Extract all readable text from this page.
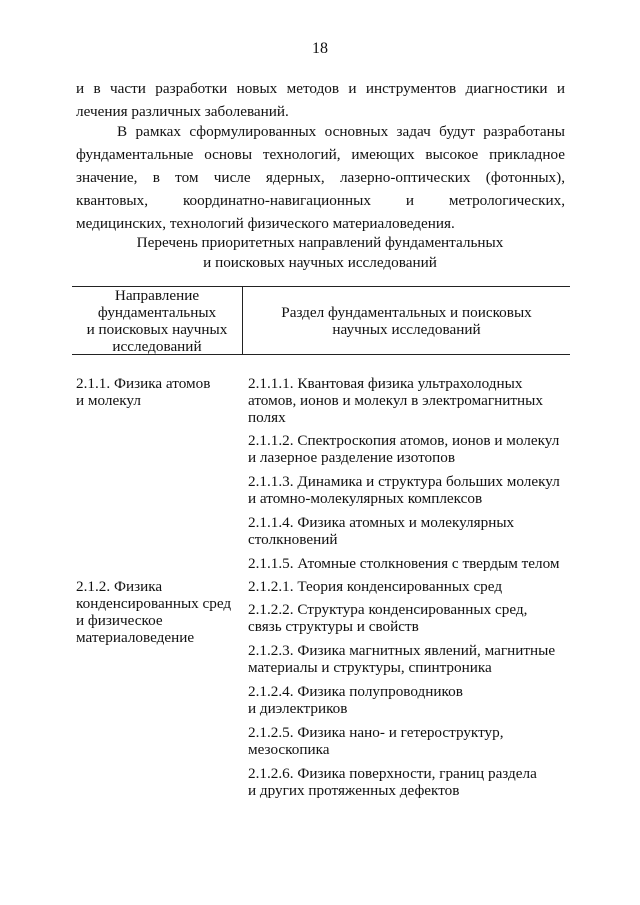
18
и в части разработки новых методов и инструментов диагностики и лечения различных заболеваний.
В рамках сформулированных основных задач будут разработаны фундаментальные основы технологий, имеющих высокое прикладное значение, в том числе ядерных, лазерно-оптических (фотонных), квантовых, координатно-навигационных и метрологических, медицинских, технологий физического материаловедения.
Перечень приоритетных направлений фундаментальных
и поисковых научных исследований
Направление
фундаментальных
и поисковых научных
исследований
Раздел фундаментальных и поисковых
научных исследований
2.1.1. Физика атомов
и молекул
2.1.2. Физика
конденсированных сред
и физическое
материаловедение
2.1.1.1. Квантовая физика ультрахолодных
атомов, ионов и молекул в электромагнитных
полях
2.1.1.2. Спектроскопия атомов, ионов и молекул
и лазерное разделение изотопов
2.1.1.3. Динамика и структура больших молекул
и атомно-молекулярных комплексов
2.1.1.4. Физика атомных и молекулярных
столкновений
2.1.1.5. Атомные столкновения с твердым телом
2.1.2.1. Теория конденсированных сред
2.1.2.2. Структура конденсированных сред,
связь структуры и свойств
2.1.2.3. Физика магнитных явлений, магнитные
материалы и структуры, спинтроника
2.1.2.4. Физика полупроводников
и диэлектриков
2.1.2.5. Физика нано- и гетероструктур,
мезоскопика
2.1.2.6. Физика поверхности, границ раздела
и других протяженных дефектов
